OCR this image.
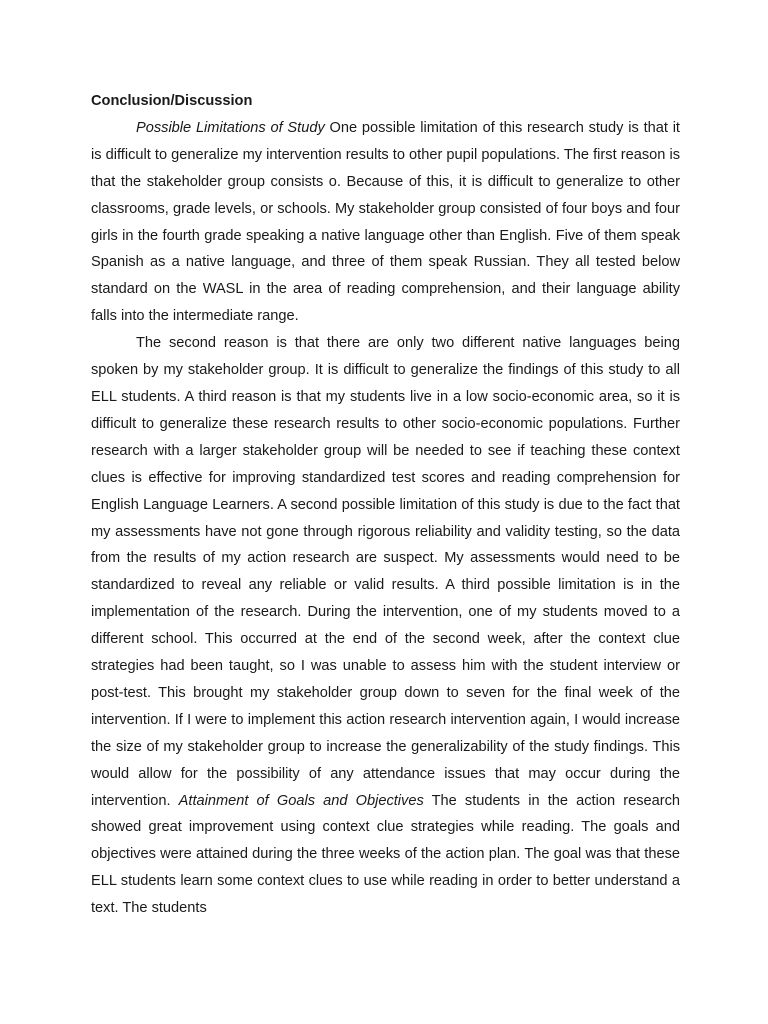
Conclusion/Discussion

Possible Limitations of Study One possible limitation of this research study is that it is difficult to generalize my intervention results to other pupil populations. The first reason is that the stakeholder group consists o. Because of this, it is difficult to generalize to other classrooms, grade levels, or schools. My stakeholder group consisted of four boys and four girls in the fourth grade speaking a native language other than English. Five of them speak Spanish as a native language, and three of them speak Russian. They all tested below standard on the WASL in the area of reading comprehension, and their language ability falls into the intermediate range.

The second reason is that there are only two different native languages being spoken by my stakeholder group. It is difficult to generalize the findings of this study to all ELL students. A third reason is that my students live in a low socio-economic area, so it is difficult to generalize these research results to other socio-economic populations. Further research with a larger stakeholder group will be needed to see if teaching these context clues is effective for improving standardized test scores and reading comprehension for English Language Learners. A second possible limitation of this study is due to the fact that my assessments have not gone through rigorous reliability and validity testing, so the data from the results of my action research are suspect. My assessments would need to be standardized to reveal any reliable or valid results. A third possible limitation is in the implementation of the research. During the intervention, one of my students moved to a different school. This occurred at the end of the second week, after the context clue strategies had been taught, so I was unable to assess him with the student interview or post-test. This brought my stakeholder group down to seven for the final week of the intervention. If I were to implement this action research intervention again, I would increase the size of my stakeholder group to increase the generalizability of the study findings. This would allow for the possibility of any attendance issues that may occur during the intervention. Attainment of Goals and Objectives The students in the action research showed great improvement using context clue strategies while reading. The goals and objectives were attained during the three weeks of the action plan. The goal was that these ELL students learn some context clues to use while reading in order to better understand a text. The students
